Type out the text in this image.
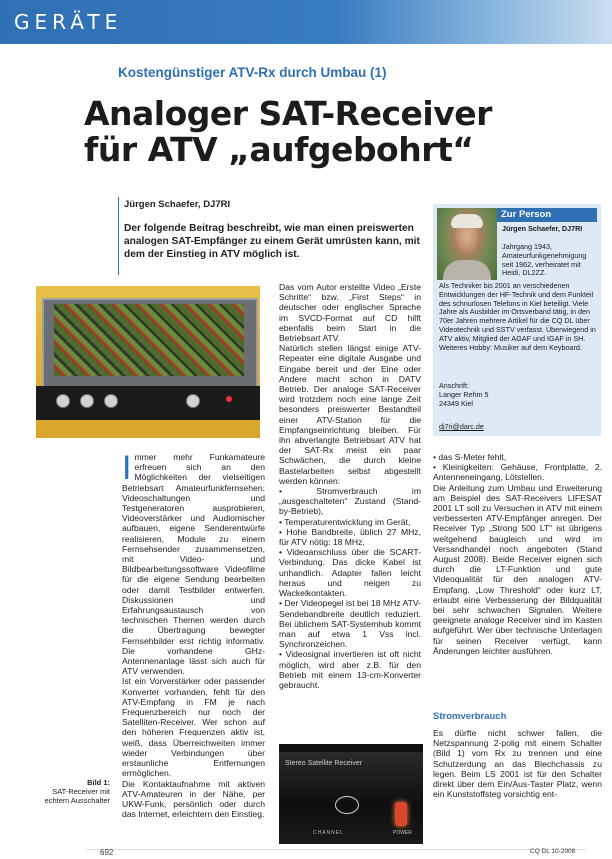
GERÄTE
Kostengünstiger ATV-Rx durch Umbau (1)
Analoger SAT-Receiver
für ATV „aufgebohrt“
Jürgen Schaefer, DJ7RI
Der folgende Beitrag beschreibt, wie man einen preiswerten analogen SAT-Empfänger zu einem Gerät umrüsten kann, mit dem der Einstieg in ATV möglich ist.
Zur Person
Jürgen Schaefer, DJ7RI
Jahrgang 1943, Amateurfunkgenehmigung seit 1962, verheiratet mit Heidi, DL2ZZ.
Als Techniker bis 2001 an verschiedenen Entwicklungen der HF-Technik und dem Funkteil des schnurlosen Telefons in Kiel beteiligt. Viele Jahre als Ausbilder im Ortsverband tätig, in den 70er Jahren mehrere Artikel für die CQ DL über Videotechnik und SSTV verfasst. Überwiegend in ATV aktiv, Mitglied der AGAF und IGAF in SH. Weiteres Hobby: Musiker auf dem Keyboard.
Anschrift:
Langer Rehm 5
24349 Kiel
dj7ri@darc.de
Bild 1:
SAT-Receiver mit echtem Ausschalter
I mmer mehr Funkamateure erfreuen sich an den Möglichkeiten der vielseitigen Betriebsart Amateurfunkfernsehen: Videoschaltungen und Testgeneratoren ausprobieren, Videoverstärker und Audiomischer aufbauen, eigene Senderentwürfe realisieren, Module zu einem Fernsehsender zusammensetzen, mit Video- und Bildbearbeitungssoftware Videofilme für die eigene Sendung bearbeiten oder damit Testbilder entwerfen. Diskussionen und Erfahrungsaustausch von technischen Themen werden durch die Übertragung bewegter Fernsehbilder erst richtig informativ. Die vorhandene GHz-Antennenanlage lässt sich auch für ATV verwenden.

Ist ein Vorverstärker oder passender Konverter vorhanden, fehlt für den ATV-Empfang in FM je nach Frequenzbereich nur noch der Satelliten-Receiver. Wer schon auf den höheren Frequenzen aktiv ist, weiß, dass Überreichweiten immer wieder Verbindungen über erstaunliche Entfernungen ermöglichen.

Die Kontaktaufnahme mit aktiven ATV-Amateuren in der Nähe, per UKW-Funk, persönlich oder durch das Internet, erleichtern den Einstieg.

Das vom Autor erstellte Video „Erste Schritte“ bzw. „First Steps“ in deutscher oder englischer Sprache im SVCD-Format auf CD hilft ebenfalls beim Start in die Betriebsart ATV.

Natürlich stellen längst einige ATV-Repeater eine digitale Ausgabe und Eingabe bereit und der Eine oder Andere macht schon in DATV Betrieb. Der analoge SAT-Receiver wird trotzdem noch eine lange Zeit besonders preiswerter Bestandteil einer ATV-Station für die Empfangseinrichtung bleiben. Für ihn abverlangte Betriebsart ATV hat der SAT-Rx meist ein paar Schwächen, die durch kleine Bastelarbeiten selbst abgestellt werden können:

• Stromverbrauch im „ausgeschalteten“ Zustand (Stand-by-Betrieb),

• Temperaturentwicklung im Gerät,

• Hohe Bandbreite, üblich 27 MHz, für ATV nötig: 18 MHz,

• Videoanschluss über die SCART-Verbindung. Das dicke Kabel ist unhandlich. Adapter fallen leicht heraus und neigen zu Wackelkontakten.

• Der Videopegel ist bei 18 MHz ATV-Sendebandbreite deutlich reduziert. Bei üblichem SAT-Systemhub kommt man auf etwa 1 Vss incl. Synchronzeichen.

• Videosignal invertieren ist oft nicht möglich, wird aber z.B. für den Betrieb mit einem 13-cm-Konverter gebraucht.

Stereo Satellite Receiver
CHANNEL	POWER

• das S-Meter fehlt,

• Kleinigkeiten: Gehäuse, Frontplatte, 2. Antenneneingang, Lötstellen.

Die Anleitung zum Umbau und Erweiterung am Beispiel des SAT-Receivers LIFESAT 2001 LT soll zu Versuchen in ATV mit einem verbesserten ATV-Empfänger anregen. Der Receiver Typ „Strong 500 LT“ ist übrigens weitgehend baugleich und wird im Versandhandel noch angeboten (Stand August 2008). Beide Receiver eignen sich durch die LT-Funktion und gute Videoqualität für den analogen ATV-Empfang. „Low Threshold“ oder kurz LT, erlaubt eine Verbesserung der Bildqualität bei sehr schwachen Signalen. Weitere geeignete analoge Receiver sind im Kasten aufgeführt. Wer über technische Unterlagen für seinen Receiver verfügt, kann Änderungen leichter ausführen.

Stromverbrauch

Es dürfte nicht schwer fallen, die Netzspannung 2-polig mit einem Schalter (Bild 1) vom Rx zu trennen und eine Schutzerdung an das Blechchassis zu legen. Beim LS 2001 ist für den Schalter direkt über dem Ein/Aus-Taster Platz, wenn ein Kunststoffsteg vorsichtig ent-

692	CQ DL 10-2008
